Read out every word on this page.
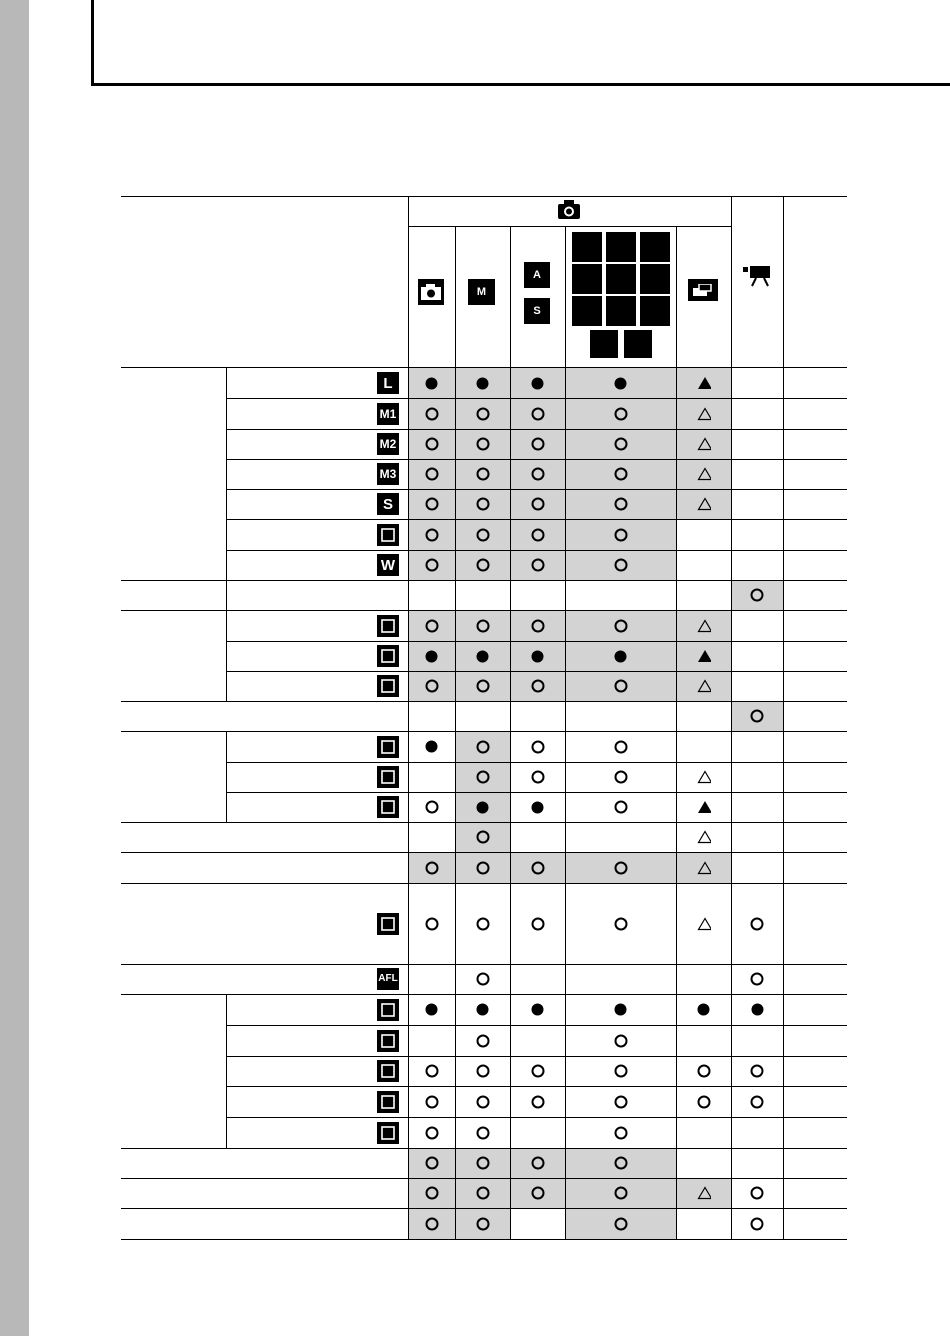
M
A
S
L
M1
M2
M3
S
W
AFL
